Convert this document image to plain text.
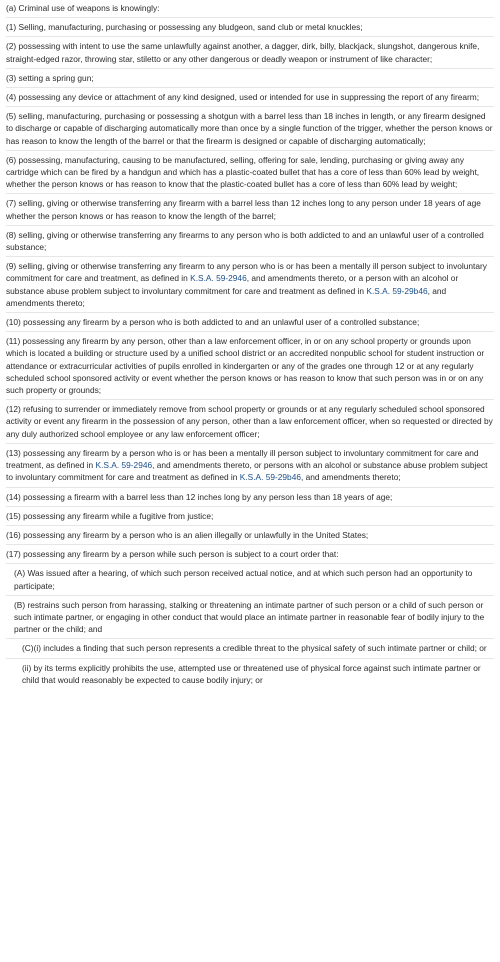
(a) Criminal use of weapons is knowingly:

(1) Selling, manufacturing, purchasing or possessing any bludgeon, sand club or metal knuckles;

(2) possessing with intent to use the same unlawfully against another, a dagger, dirk, billy, blackjack, slungshot, dangerous knife, straight-edged razor, throwing star, stiletto or any other dangerous or deadly weapon or instrument of like character;

(3) setting a spring gun;

(4) possessing any device or attachment of any kind designed, used or intended for use in suppressing the report of any firearm;

(5) selling, manufacturing, purchasing or possessing a shotgun with a barrel less than 18 inches in length, or any firearm designed to discharge or capable of discharging automatically more than once by a single function of the trigger, whether the person knows or has reason to know the length of the barrel or that the firearm is designed or capable of discharging automatically;

(6) possessing, manufacturing, causing to be manufactured, selling, offering for sale, lending, purchasing or giving away any cartridge which can be fired by a handgun and which has a plastic-coated bullet that has a core of less than 60% lead by weight, whether the person knows or has reason to know that the plastic-coated bullet has a core of less than 60% lead by weight;

(7) selling, giving or otherwise transferring any firearm with a barrel less than 12 inches long to any person under 18 years of age whether the person knows or has reason to know the length of the barrel;

(8) selling, giving or otherwise transferring any firearms to any person who is both addicted to and an unlawful user of a controlled substance;

(9) selling, giving or otherwise transferring any firearm to any person who is or has been a mentally ill person subject to involuntary commitment for care and treatment, as defined in K.S.A. 59-2946, and amendments thereto, or a person with an alcohol or substance abuse problem subject to involuntary commitment for care and treatment as defined in K.S.A. 59-29b46, and amendments thereto;

(10) possessing any firearm by a person who is both addicted to and an unlawful user of a controlled substance;

(11) possessing any firearm by any person, other than a law enforcement officer, in or on any school property or grounds upon which is located a building or structure used by a unified school district or an accredited nonpublic school for student instruction or attendance or extracurricular activities of pupils enrolled in kindergarten or any of the grades one through 12 or at any regularly scheduled school sponsored activity or event whether the person knows or has reason to know that such person was in or on any such property or grounds;

(12) refusing to surrender or immediately remove from school property or grounds or at any regularly scheduled school sponsored activity or event any firearm in the possession of any person, other than a law enforcement officer, when so requested or directed by any duly authorized school employee or any law enforcement officer;

(13) possessing any firearm by a person who is or has been a mentally ill person subject to involuntary commitment for care and treatment, as defined in K.S.A. 59-2946, and amendments thereto, or persons with an alcohol or substance abuse problem subject to involuntary commitment for care and treatment as defined in K.S.A. 59-29b46, and amendments thereto;

(14) possessing a firearm with a barrel less than 12 inches long by any person less than 18 years of age;

(15) possessing any firearm while a fugitive from justice;

(16) possessing any firearm by a person who is an alien illegally or unlawfully in the United States;

(17) possessing any firearm by a person while such person is subject to a court order that:

(A) Was issued after a hearing, of which such person received actual notice, and at which such person had an opportunity to participate;

(B) restrains such person from harassing, stalking or threatening an intimate partner of such person or a child of such person or such intimate partner, or engaging in other conduct that would place an intimate partner in reasonable fear of bodily injury to the partner or the child; and

(C)(i) includes a finding that such person represents a credible threat to the physical safety of such intimate partner or child; or

(ii) by its terms explicitly prohibits the use, attempted use or threatened use of physical force against such intimate partner or child that would reasonably be expected to cause bodily injury; or
